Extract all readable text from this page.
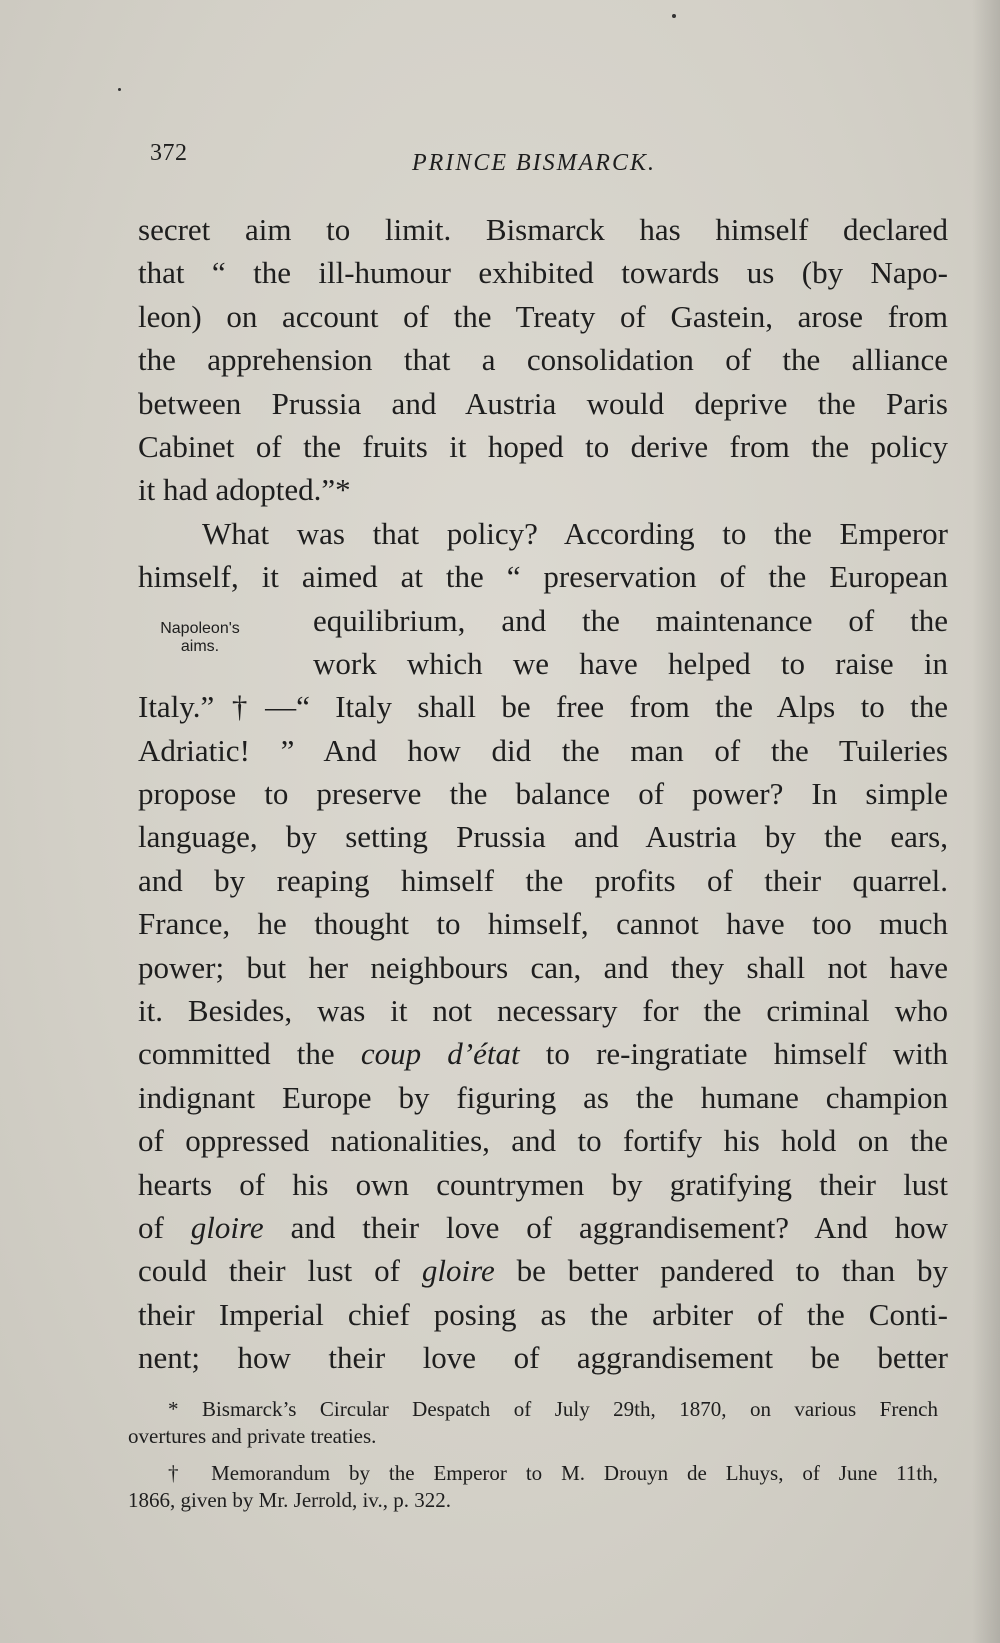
372	PRINCE BISMARCK.
Napoleon's
aims.
secret aim to limit. Bismarck has himself declared
that “ the ill-humour exhibited towards us (by Napo-
leon) on account of the Treaty of Gastein, arose from
the apprehension that a consolidation of the alliance
between Prussia and Austria would deprive the Paris
Cabinet of the fruits it hoped to derive from the policy
it had adopted.”*
What was that policy? According to the Emperor
himself, it aimed at the “ preservation of the European
equilibrium, and the maintenance of the
work which we have helped to raise in
Italy.”†—“ Italy shall be free from the Alps to the
Adriatic! ” And how did the man of the Tuileries
propose to preserve the balance of power? In simple
language, by setting Prussia and Austria by the ears,
and by reaping himself the profits of their quarrel.
France, he thought to himself, cannot have too much
power; but her neighbours can, and they shall not have
it. Besides, was it not necessary for the criminal who
committed the coup d’état to re-ingratiate himself with
indignant Europe by figuring as the humane champion
of oppressed nationalities, and to fortify his hold on the
hearts of his own countrymen by gratifying their lust
of gloire and their love of aggrandisement? And how
could their lust of gloire be better pandered to than by
their Imperial chief posing as the arbiter of the Conti-
nent; how their love of aggrandisement be better
* Bismarck’s Circular Despatch of July 29th, 1870, on various French
overtures and private treaties.
† Memorandum by the Emperor to M. Drouyn de Lhuys, of June 11th,
1866, given by Mr. Jerrold, iv., p. 322.
